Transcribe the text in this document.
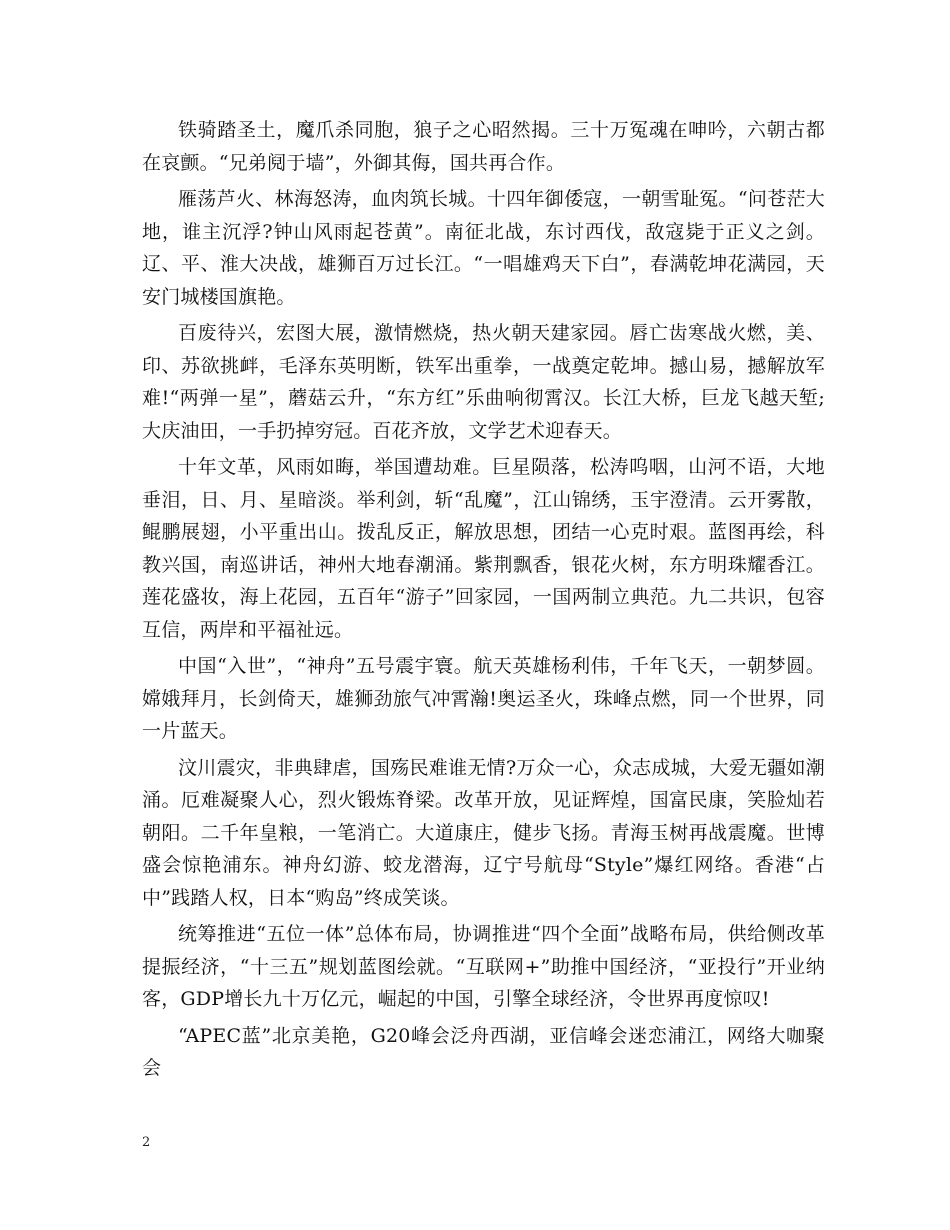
铁骑踏圣土，魔爪杀同胞，狼子之心昭然揭。三十万冤魂在呻吟，六朝古都在哀颤。“兄弟阋于墙”，外御其侮，国共再合作。

雁荡芦火、林海怒涛，血肉筑长城。十四年御倭寇，一朝雪耻冤。“问苍茫大地，谁主沉浮?钟山风雨起苍黄”。南征北战，东讨西伐，敌寇毙于正义之剑。辽、平、淮大决战，雄狮百万过长江。“一唱雄鸡天下白”，春满乾坤花满园，天安门城楼国旗艳。

百废待兴，宏图大展，激情燃烧，热火朝天建家园。唇亡齿寒战火燃，美、印、苏欲挑衅，毛泽东英明断，铁军出重拳，一战奠定乾坤。撼山易，撼解放军难!“两弹一星”，蘑菇云升，“东方红”乐曲响彻霄汉。长江大桥，巨龙飞越天堑;大庆油田，一手扔掉穷冠。百花齐放，文学艺术迎春天。

十年文革，风雨如晦，举国遭劫难。巨星陨落，松涛呜咽，山河不语，大地垂泪，日、月、星暗淡。举利剑，斩“乱魔”，江山锦绣，玉宇澄清。云开雾散，鲲鹏展翅，小平重出山。拨乱反正，解放思想，团结一心克时艰。蓝图再绘，科教兴国，南巡讲话，神州大地春潮涌。紫荆飘香，银花火树，东方明珠耀香江。莲花盛妆，海上花园，五百年“游子”回家园，一国两制立典范。九二共识，包容互信，两岸和平福祉远。

中国“入世”，“神舟”五号震宇寰。航天英雄杨利伟，千年飞天，一朝梦圆。嫦娥拜月，长剑倚天，雄狮劲旅气冲霄瀚!奥运圣火，珠峰点燃，同一个世界，同一片蓝天。

汶川震灾，非典肆虐，国殇民难谁无情?万众一心，众志成城，大爱无疆如潮涌。厄难凝聚人心，烈火锻炼脊梁。改革开放，见证辉煌，国富民康，笑脸灿若朝阳。二千年皇粮，一笔消亡。大道康庄，健步飞扬。青海玉树再战震魔。世博盛会惊艳浦东。神舟幻游、蛟龙潜海，辽宁号航母“Style”爆红网络。香港“占中”践踏人权，日本“购岛”终成笑谈。

统筹推进“五位一体”总体布局，协调推进“四个全面”战略布局，供给侧改革提振经济，“十三五”规划蓝图绘就。“互联网+”助推中国经济，“亚投行”开业纳客，GDP增长九十万亿元，崛起的中国，引擎全球经济，令世界再度惊叹!

“APEC蓝”北京美艳，G20峰会泛舟西湖，亚信峰会迷恋浦江，网络大咖聚会

2
